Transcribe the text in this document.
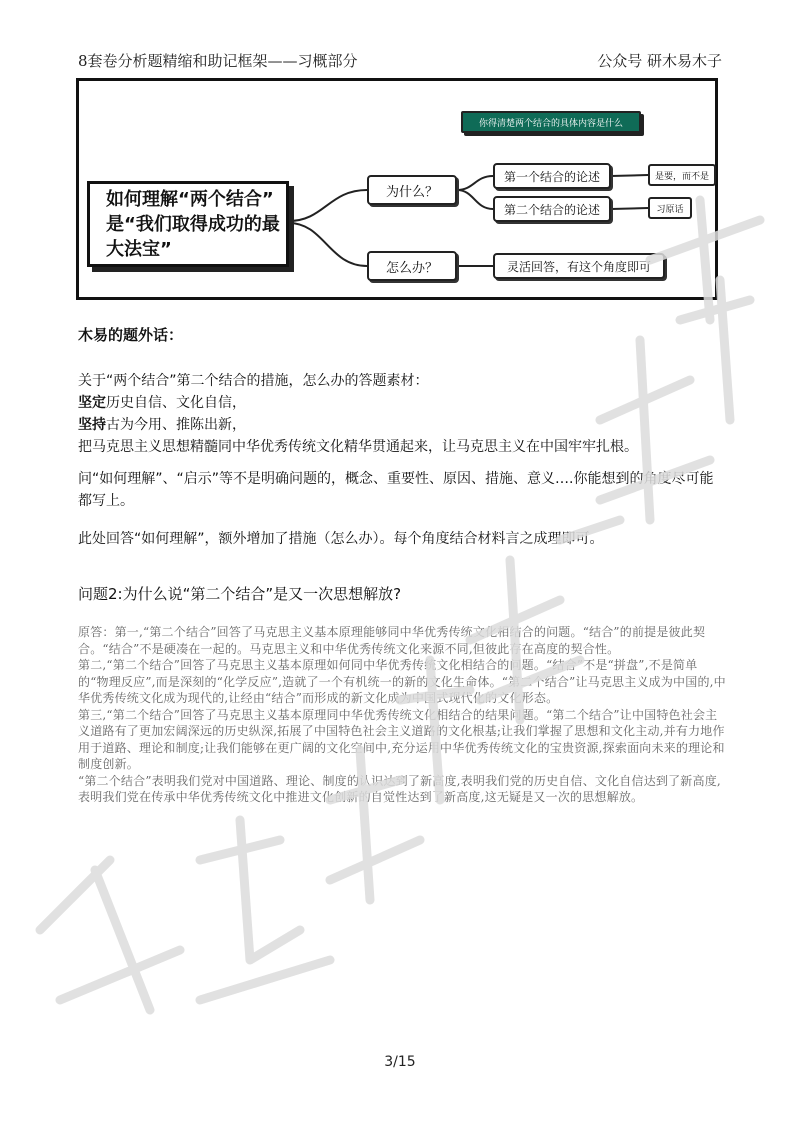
8套卷分析题精缩和助记框架——习概部分	公众号 研木易木子
你得清楚两个结合的具体内容是什么
如何理解“两个结合”
是“我们取得成功的最
大法宝”
为什么？
怎么办？
第一个结合的论述
第二个结合的论述
灵活回答，有这个角度即可
是要，而不是
习原话
木易的题外话：

关于“两个结合”第二个结合的措施，怎么办的答题素材：

坚定历史自信、文化自信，

坚持古为今用、推陈出新，

把马克思主义思想精髓同中华优秀传统文化精华贯通起来，让马克思主义在中国牢牢扎根。

问“如何理解”、“启示”等不是明确问题的，概念、重要性、原因、措施、意义….你能想到的角度尽可能都写上。
此处回答“如何理解”，额外增加了措施（怎么办）。每个角度结合材料言之成理即可。
问题2:为什么说“第二个结合”是又一次思想解放?

原答：第一,“第二个结合”回答了马克思主义基本原理能够同中华优秀传统文化相结合的问题。“结合”的前提是彼此契合。“结合”不是硬凑在一起的。马克思主义和中华优秀传统文化来源不同,但彼此存在高度的契合性。

第二,“第二个结合”回答了马克思主义基本原理如何同中华优秀传统文化相结合的问题。“结合”不是“拼盘”,不是简单的“物理反应”,而是深刻的“化学反应”,造就了一个有机统一的新的文化生命体。“第二个结合”让马克思主义成为中国的,中华优秀传统文化成为现代的,让经由“结合”而形成的新文化成为中国式现代化的文化形态。

第三,“第二个结合”回答了马克思主义基本原理同中华优秀传统文化相结合的结果问题。“第二个结合”让中国特色社会主义道路有了更加宏阔深远的历史纵深,拓展了中国特色社会主义道路的文化根基;让我们掌握了思想和文化主动,并有力地作用于道路、理论和制度;让我们能够在更广阔的文化空间中,充分运用中华优秀传统文化的宝贵资源,探索面向未来的理论和制度创新。

“第二个结合”表明我们党对中国道路、理论、制度的认识达到了新高度,表明我们党的历史自信、文化自信达到了新高度,表明我们党在传承中华优秀传统文化中推进文化创新的自觉性达到了新高度,这无疑是又一次的思想解放。

3/15
